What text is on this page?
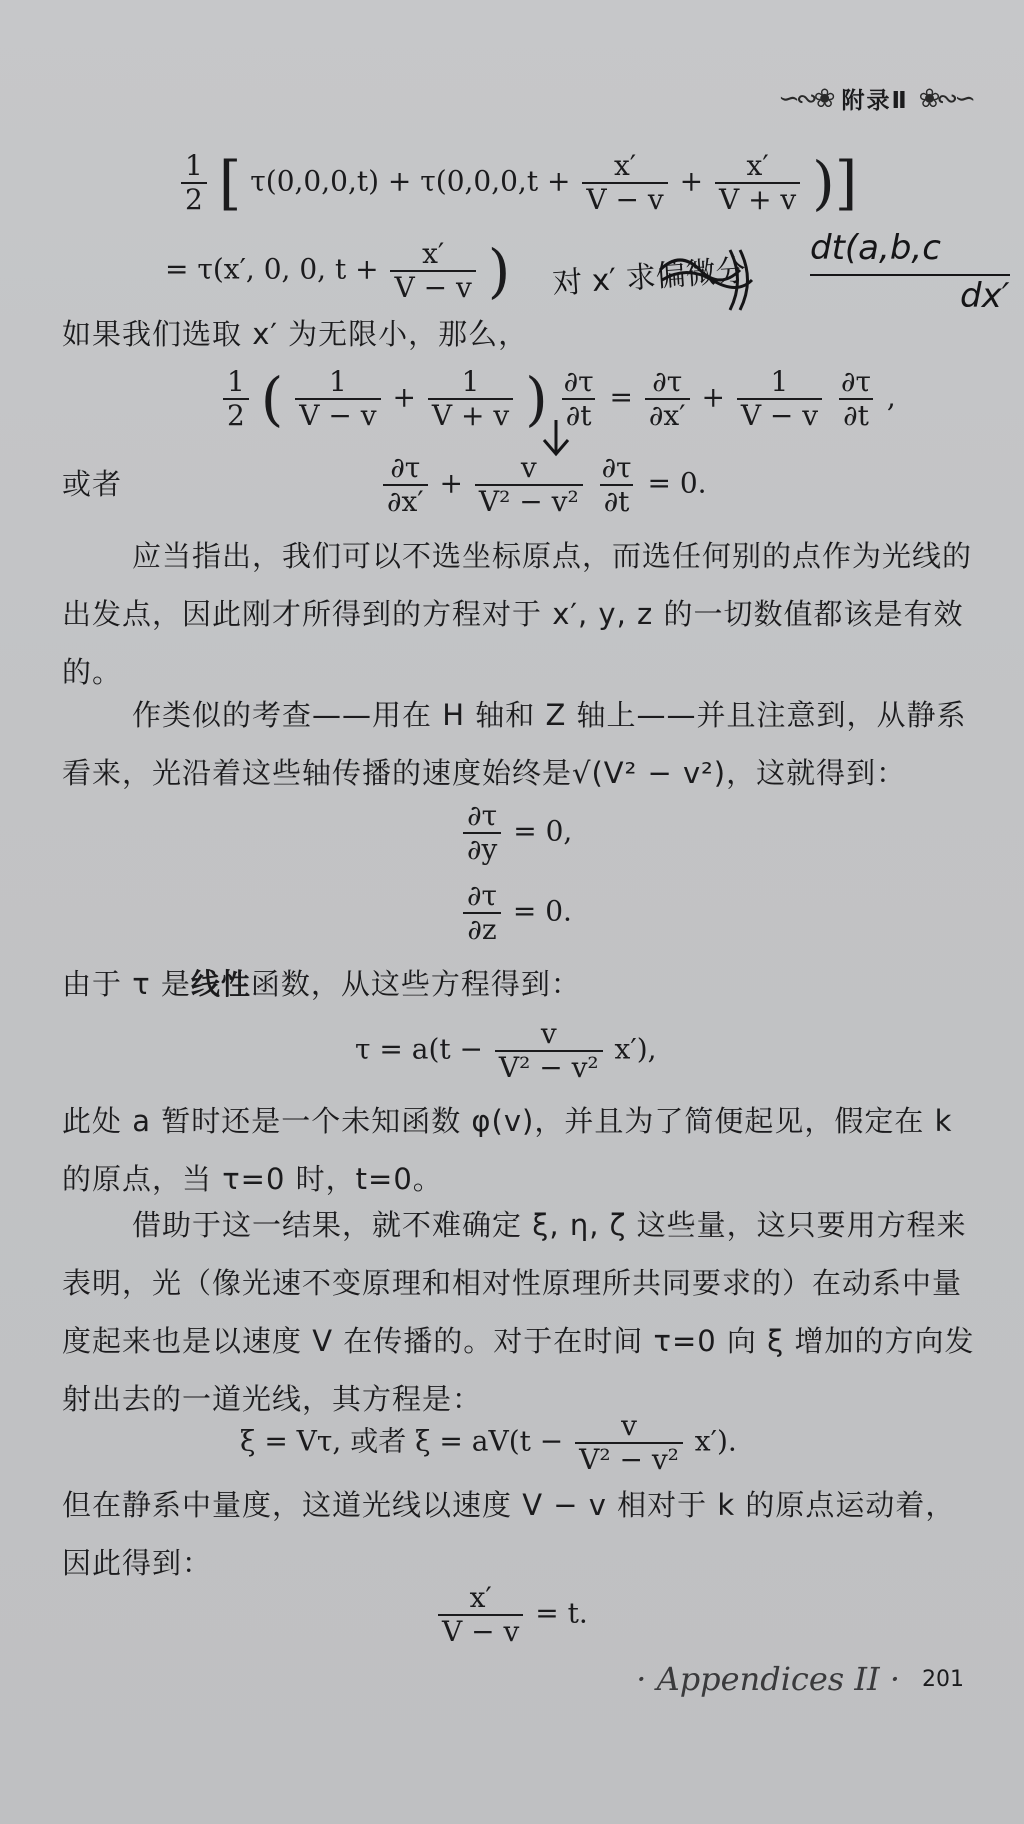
∽∾❀ 附录Ⅱ ❀∾∽
$\frac{1}{2}$ [ $\tau(0,0,0,t) + \tau(0,0,0,t + \frac{x'}{V - v} + \frac{x'}{V + v}$ )]
= τ(x′, 0, 0, $t + \frac{x'}{V - v}$ ) 对 x′ 求偏微分
dt(a,b,c
dx′
如果我们选取 x′ 为无限小，那么，
$\frac{1}{2}$ ( $\frac{1}{V - v} + \frac{1}{V + v}$ ) $\frac{\partial\tau}{\partial t} = \frac{\partial\tau}{\partial x'} + \frac{1}{V - v}$
$\frac{\partial\tau}{\partial t}$ ,
或者	$\frac{\partial\tau}{\partial x'} + \frac{v}{\text{V² − v²}}$
$\frac{\partial\tau}{\partial t} = 0$.
应当指出，我们可以不选坐标原点，而选任何别的点作为光线的出发点，因此刚才所得到的方程对于 x′, y, z 的一切数值都该是有效的。
作类似的考查——用在 H 轴和 Z 轴上——并且注意到，从静系看来，光沿着这些轴传播的速度始终是√(V² − v²)，这就得到：
$\frac{\partial\tau}{\partial y} = 0$,
$\frac{\partial\tau}{\partial z} = 0$.
由于 τ 是线性函数，从这些方程得到：
$\tau = a(t - \frac{v}{\text{V² − v²}} x')$,
此处 a 暂时还是一个未知函数 φ(v)，并且为了简便起见，假定在 k 的原点，当 τ=0 时，t=0。
借助于这一结果，就不难确定 ξ, η, ζ 这些量，这只要用方程来表明，光（像光速不变原理和相对性原理所共同要求的）在动系中量度起来也是以速度 V 在传播的。对于在时间 τ=0 向 ξ 增加的方向发射出去的一道光线，其方程是：
ξ = Vτ, 或者 $\xi = aV(t - \frac{v}{\text{V² − v²}} x')$.
但在静系中量度，这道光线以速度 V − v 相对于 k 的原点运动着，因此得到：
$\frac{x'}{V - v} = t$.
· Appendices II · 201
